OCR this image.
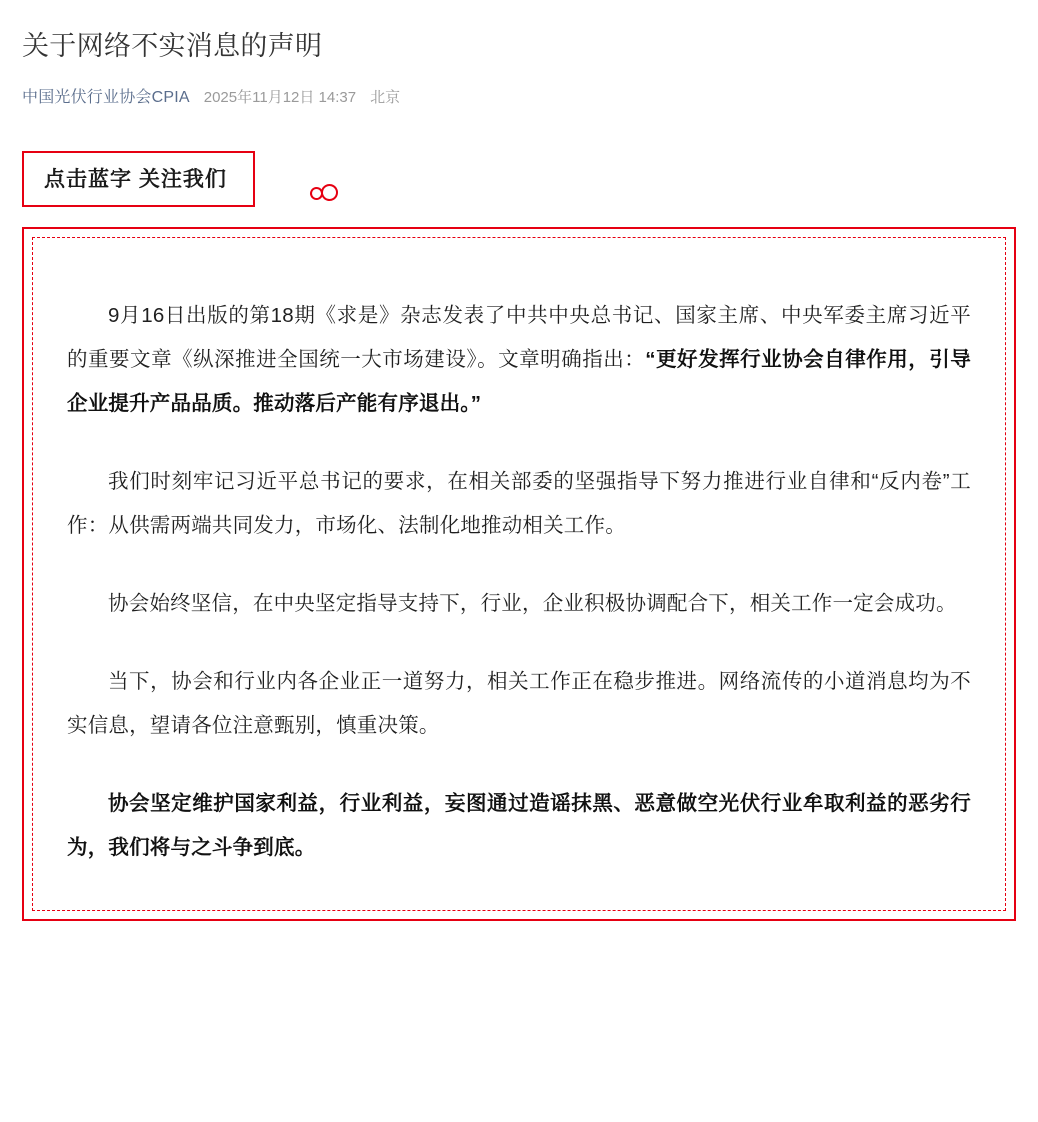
关于网络不实消息的声明
中国光伏行业协会CPIA 2025年11月12日 14:37 北京
点击蓝字 关注我们

9月16日出版的第18期《求是》杂志发表了中共中央总书记、国家主席、中央军委主席习近平的重要文章《纵深推进全国统一大市场建设》。文章明确指出：“更好发挥行业协会自律作用，引导企业提升产品品质。推动落后产能有序退出。”

我们时刻牢记习近平总书记的要求，在相关部委的坚强指导下努力推进行业自律和“反内卷”工作：从供需两端共同发力，市场化、法制化地推动相关工作。

协会始终坚信，在中央坚定指导支持下，行业，企业积极协调配合下，相关工作一定会成功。

当下，协会和行业内各企业正一道努力，相关工作正在稳步推进。网络流传的小道消息均为不实信息，望请各位注意甄别，慎重决策。

协会坚定维护国家利益，行业利益，妄图通过造谣抹黑、恶意做空光伏行业牟取利益的恶劣行为，我们将与之斗争到底。
